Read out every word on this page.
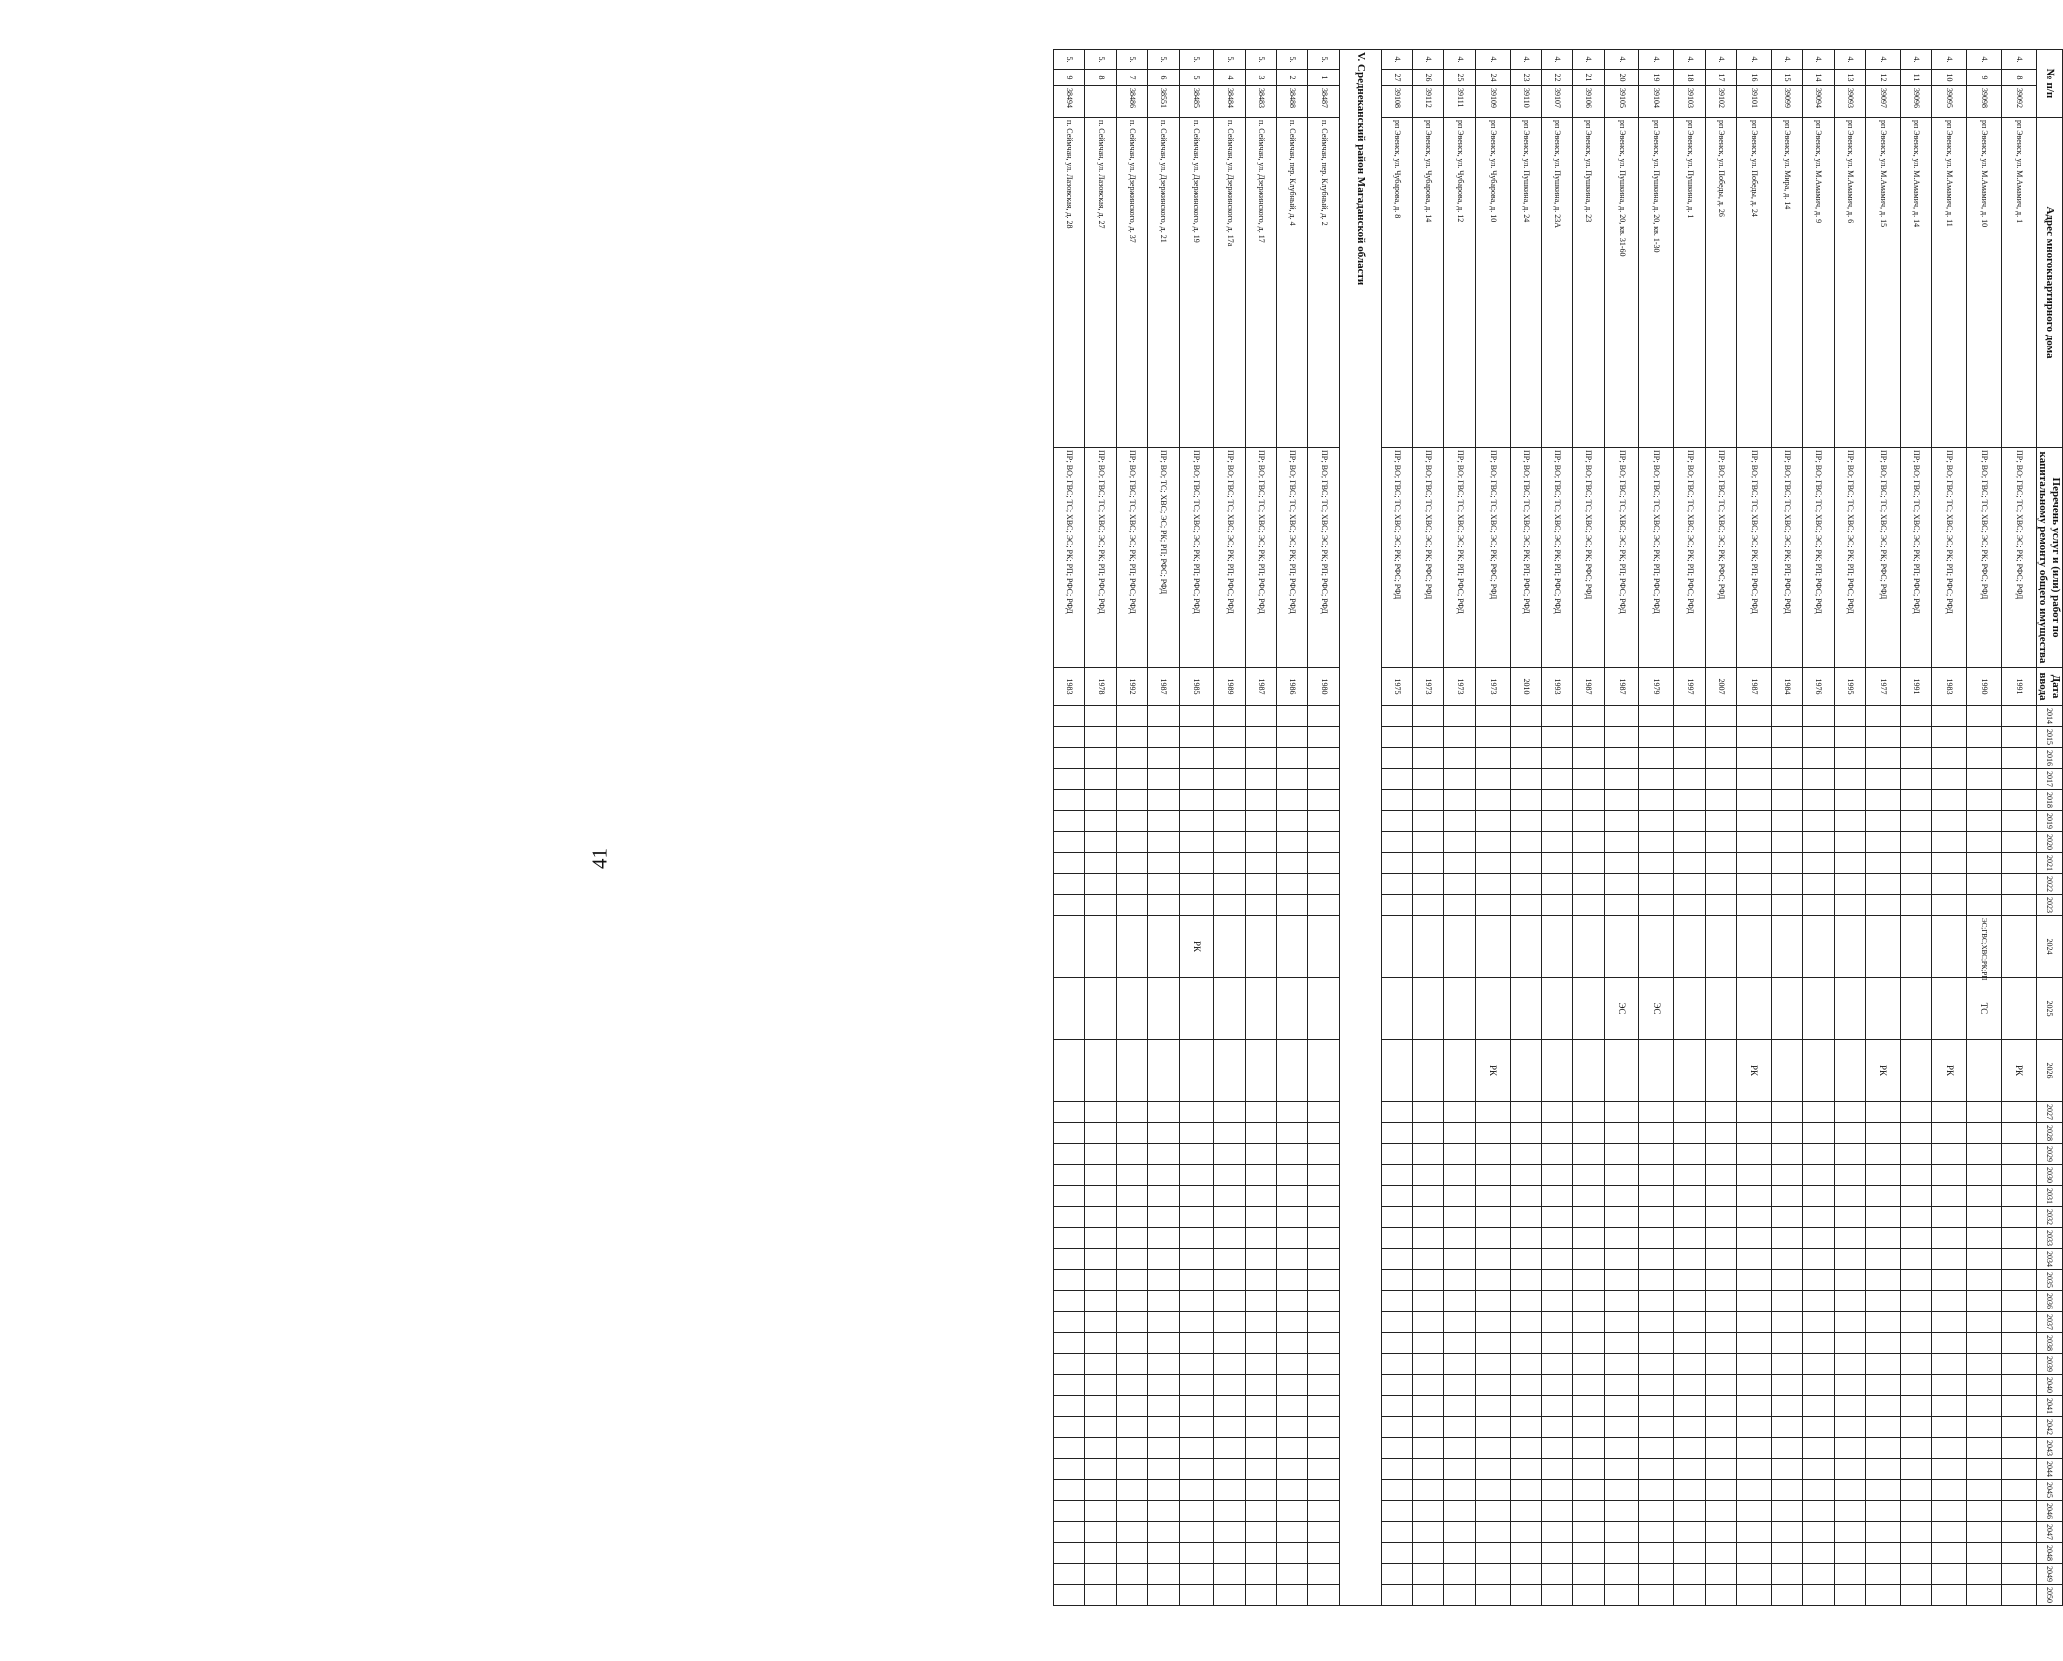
41
№ п/п			Адрес многоквартирного дома	Перечень услуг и (или) работ по капитальному ремонту общего имущества	Дата ввода	2014	2015	2016	2017	2018	2019	2020	2021	2022	2023	2024	2025	2026	2027	2028	2029	2030	2031	2032	2033	2034	2035	2036	2037	2038	2039	2040	2041	2042	2043	2044	2045	2046	2047	2048	2049	2050
4.	8	39092	рп Эвенск, ул. М.Амамич, д. 1	ПР; ВО; ГВС; ТС; ХВС; ЭС; РК; РФС; РФД	1991													РК																								
4.	9	39098	рп Эвенск, ул. М.Амамич, д. 10	ПР; ВО; ГВС; ТС; ХВС; ЭС; РК; РФС; РФД	1990											ЭС;ГВС;ХВС;РК;РП	ТС																									
4.	10	39095	рп Эвенск, ул. М.Амамич, д. 11	ПР; ВО; ГВС; ТС; ХВС; ЭС; РК; РП; РФС; РФД	1983													РК																								
4.	11	39096	рп Эвенск, ул. М.Амамич, д. 14	ПР; ВО; ГВС; ТС; ХВС; ЭС; РК; РП; РФС; РФД	1991																																					
4.	12	39097	рп Эвенск, ул. М.Амамич, д. 15	ПР; ВО; ГВС; ТС; ХВС; ЭС; РК; РФС; РФД	1977													РК																								
4.	13	39093	рп Эвенск, ул. М.Амамич, д. 6	ПР; ВО; ГВС; ТС; ХВС; ЭС; РК; РП; РФС; РФД	1995																																					
4.	14	39094	рп Эвенск, ул. М.Амамич, д. 9	ПР; ВО; ГВС; ТС; ХВС; ЭС; РК; РП; РФС; РФД	1976																																					
4.	15	39099	рп Эвенск, ул. Мира, д. 14	ПР; ВО; ГВС; ТС; ХВС; ЭС; РК; РП; РФС; РФД	1984																																					
4.	16	39101	рп Эвенск, ул. Победы, д. 24	ПР; ВО; ГВС; ТС; ХВС; ЭС; РК; РП; РФС; РФД	1987													РК																								
4.	17	39102	рп Эвенск, ул. Победы, д. 26	ПР; ВО; ГВС; ТС; ХВС; ЭС; РК; РФС; РФД	2007																																					
4.	18	39103	рп Эвенск, ул. Пушкина, д. 1	ПР; ВО; ГВС; ТС; ХВС; ЭС; РК; РП; РФС; РФД	1997																																					
4.	19	39104	рп Эвенск, ул. Пушкина, д. 20, кв. 1-30	ПР; ВО; ГВС; ТС; ХВС; ЭС; РК; РП; РФС; РФД	1979												ЭС																									
4.	20	39105	рп Эвенск, ул. Пушкина, д. 20, кв. 31-60	ПР; ВО; ГВС; ТС; ХВС; ЭС; РК; РП; РФС; РФД	1987												ЭС																									
4.	21	39106	рп Эвенск, ул. Пушкина, д. 23	ПР; ВО; ГВС; ТС; ХВС; ЭС; РК; РФС; РФД	1987																																					
4.	22	39107	рп Эвенск, ул. Пушкина, д. 23А	ПР; ВО; ГВС; ТС; ХВС; ЭС; РК; РП; РФС; РФД	1993																																					
4.	23	39110	рп Эвенск, ул. Пушкина, д. 24	ПР; ВО; ГВС; ТС; ХВС; ЭС; РК; РП; РФС; РФД	2010																																					
4.	24	39109	рп Эвенск, ул. Чубарова, д. 10	ПР; ВО; ГВС; ТС; ХВС; ЭС; РК; РФС; РФД	1973													РК																								
4.	25	39111	рп Эвенск, ул. Чубарова, д. 12	ПР; ВО; ГВС; ТС; ХВС; ЭС; РК; РП; РФС; РФД	1973																																					
4.	26	39112	рп Эвенск, ул. Чубарова, д. 14	ПР; ВО; ГВС; ТС; ХВС; ЭС; РК; РФС; РФД	1973																																					
4.	27	39108	рп Эвенск, ул. Чубарова, д. 8	ПР; ВО; ГВС; ТС; ХВС; ЭС; РК; РФС; РФД	1975																																					
V. Среднеканский район Магаданской области																																										
5.	1	38487	п. Сеймчан, пер. Клубный, д. 2	ПР; ВО; ГВС; ТС; ХВС; ЭС; РК; РП; РФС; РФД	1980																																					
5.	2	38488	п. Сеймчан, пер. Клубный, д. 4	ПР; ВО; ГВС; ТС; ХВС; ЭС; РК; РП; РФС; РФД	1986																																					
5.	3	38483	п. Сеймчан, ул. Дзержинского, д. 17	ПР; ВО; ГВС; ТС; ХВС; ЭС; РК; РП; РФС; РФД	1987																																					
5.	4	38484	п. Сеймчан, ул. Дзержинского, д. 17а	ПР; ВО; ГВС; ТС; ХВС; ЭС; РК; РП; РФС; РФД	1989																																					
5.	5	38485	п. Сеймчан, ул. Дзержинского, д. 19	ПР; ВО; ГВС; ТС; ХВС; ЭС; РК; РП; РФС; РФД	1985											РК																										
5.	6	38551	п. Сеймчан, ул. Дзержинского, д. 21	ПР; ВО; ТС; ХВС; ЭС; РК; РП; РФС; РФД	1987																																					
5.	7	38486	п. Сеймчан, ул. Дзержинского, д. 37	ПР; ВО; ГВС; ТС; ХВС; ЭС; РК; РП; РФС; РФД	1992																																					
5.	8		п. Сеймчан, ул. Лазовская, д. 27	ПР; ВО; ГВС; ТС; ХВС; ЭС; РК; РП; РФС; РФД	1978																																					
5.	9	38494	п. Сеймчан, ул. Лазовская, д. 28	ПР; ВО; ГВС; ТС; ХВС; ЭС; РК; РП; РФС; РФД	1983																																					
